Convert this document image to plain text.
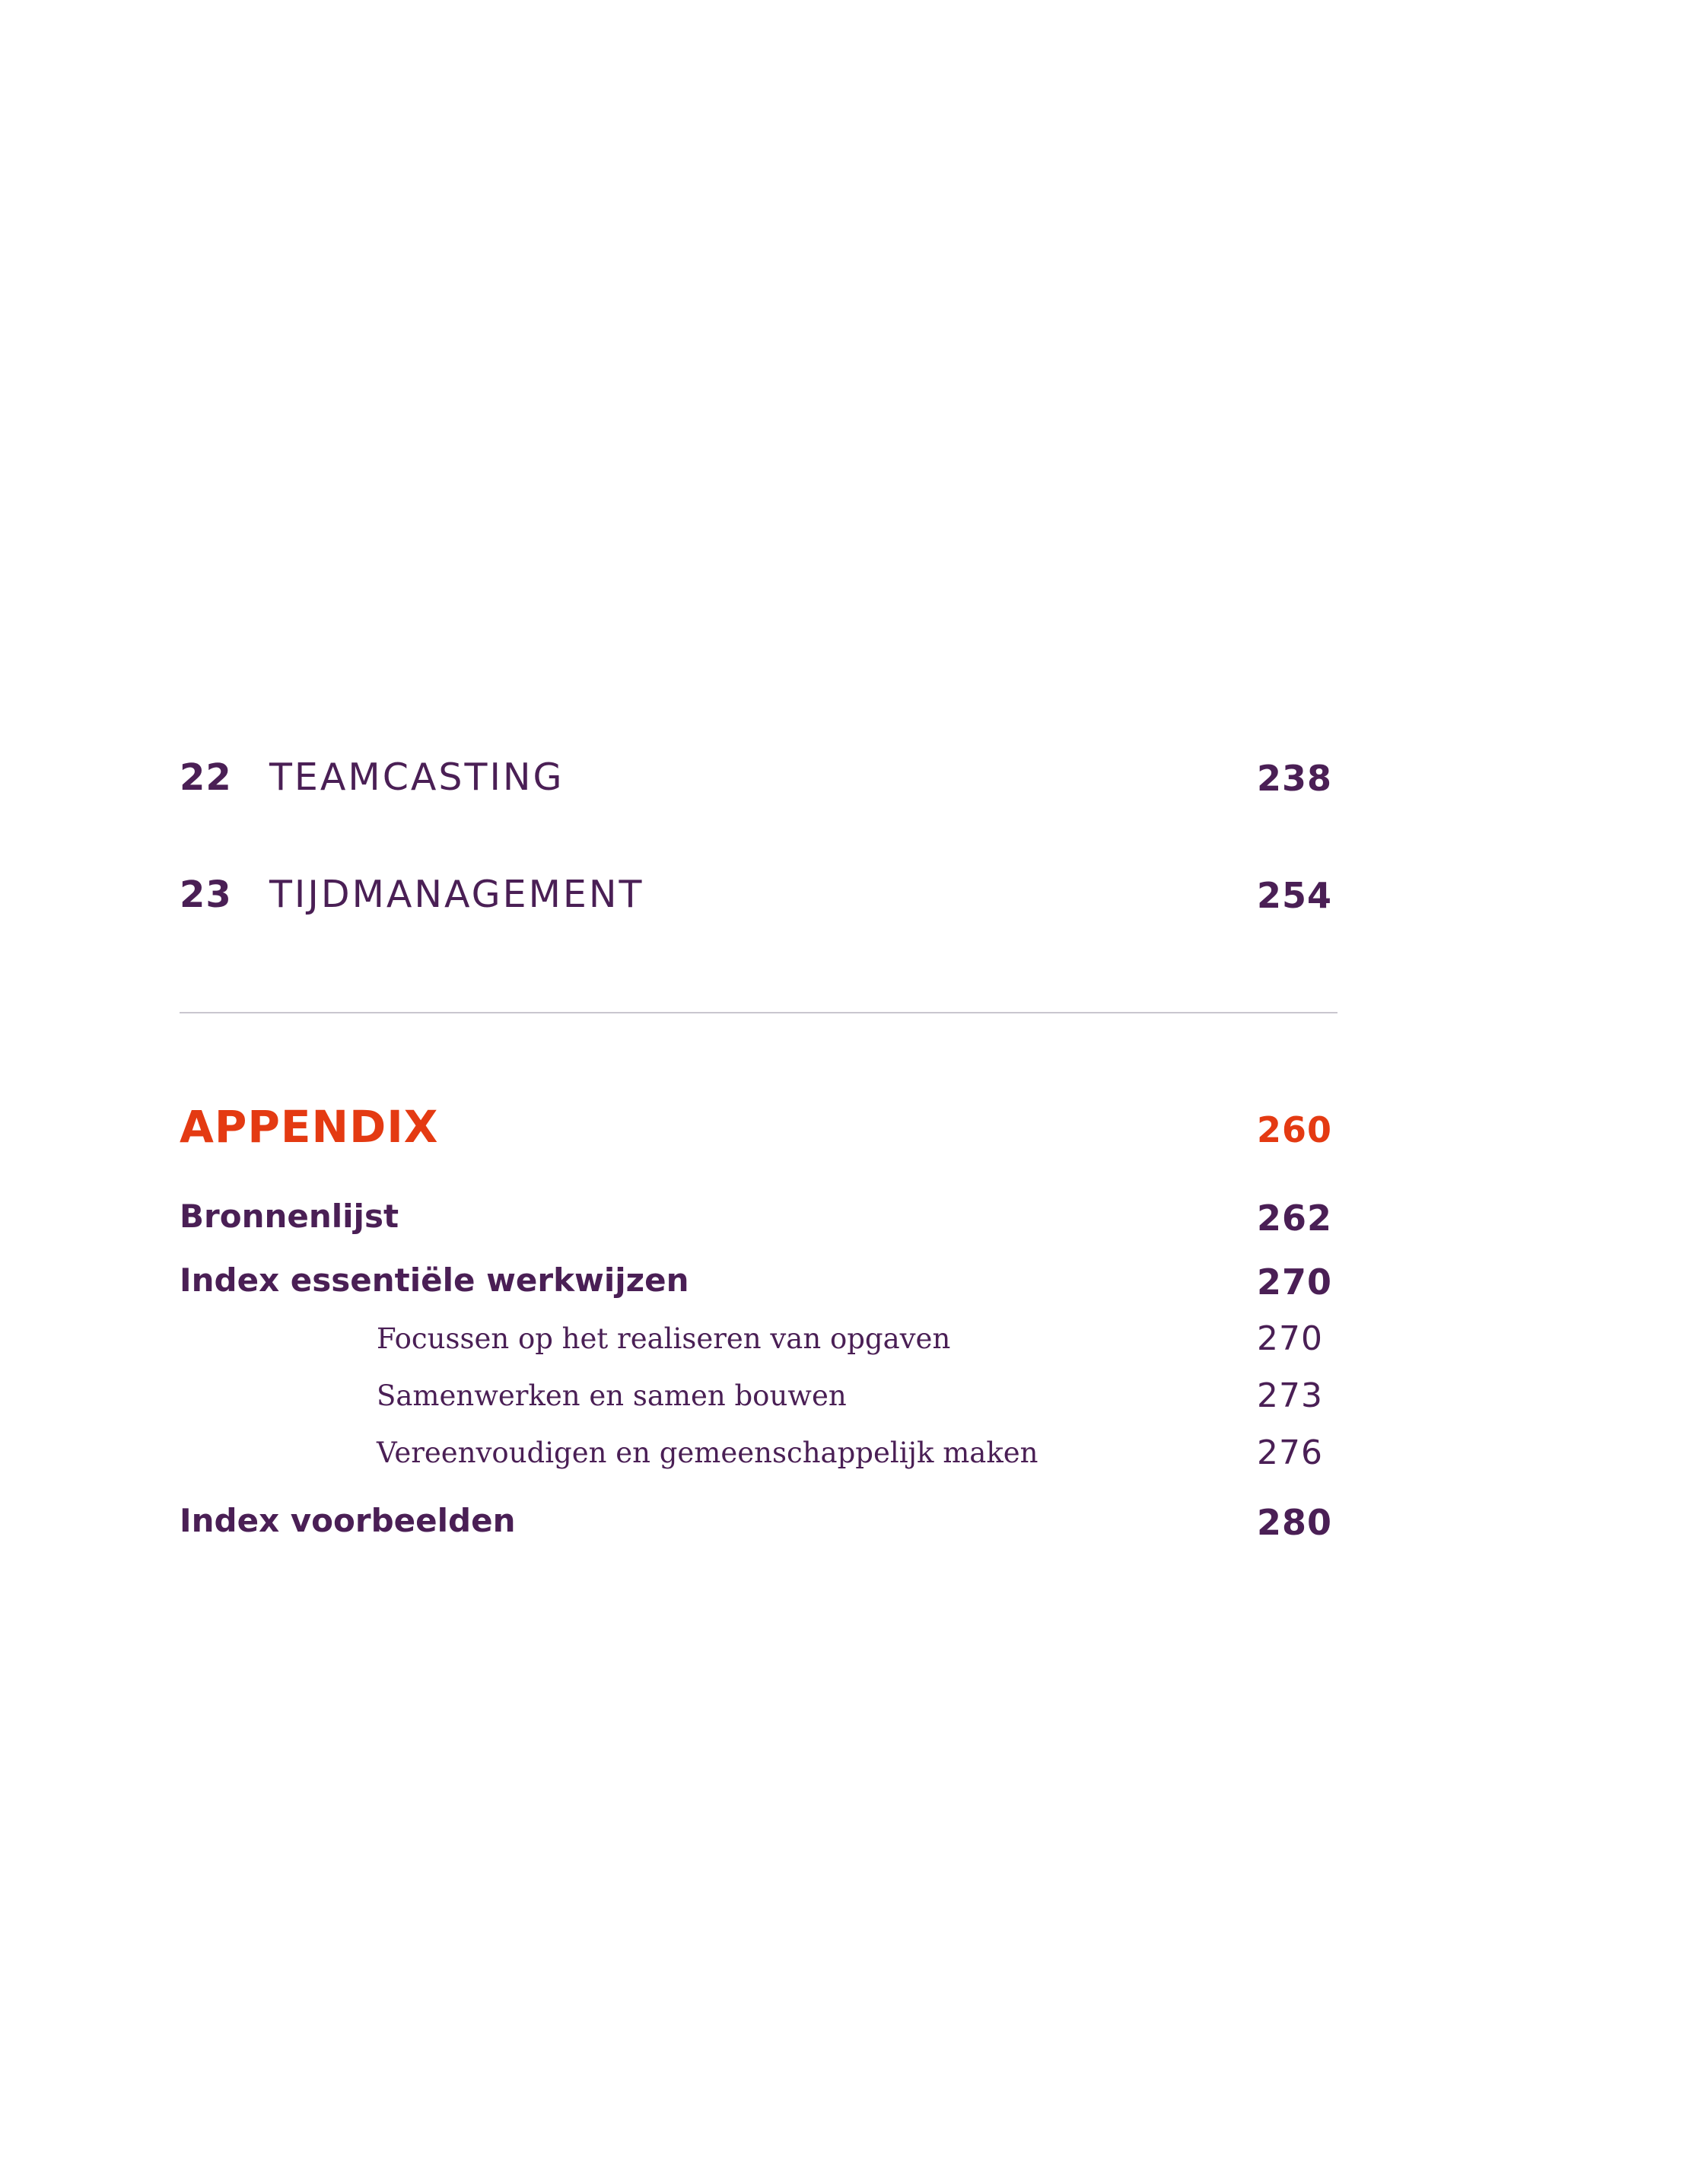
22 TEAMCASTING	238
23 TIJDMANAGEMENT	254
APPENDIX	260
Bronnenlijst	262
Index essentiële werkwijzen	270
Focussen op het realiseren van opgaven	270
Samenwerken en samen bouwen	273
Vereenvoudigen en gemeenschappelijk maken	276
Index voorbeelden	280
